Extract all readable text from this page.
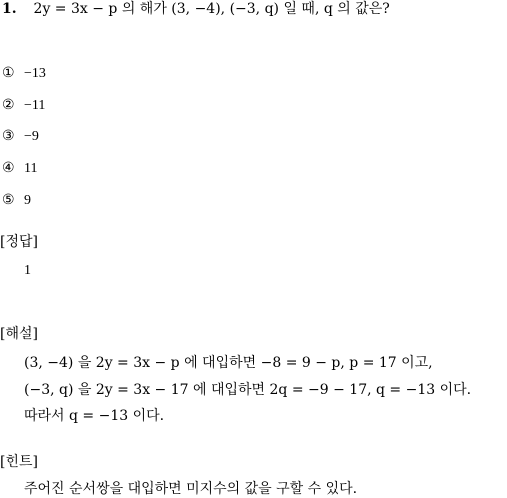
1. 2y = 3x − p 의 해가 (3, −4), (−3, q) 일 때, q 의 값은?
① −13
② −11
③ −9
④ 11
⑤ 9
[정답]
1
[해설]
(3, −4) 을 2y = 3x − p 에 대입하면 −8 = 9 − p, p = 17 이고,
(−3, q) 을 2y = 3x − 17 에 대입하면 2q = −9 − 17, q = −13 이다.
따라서 q = −13 이다.
[힌트]
주어진 순서쌍을 대입하면 미지수의 값을 구할 수 있다.
